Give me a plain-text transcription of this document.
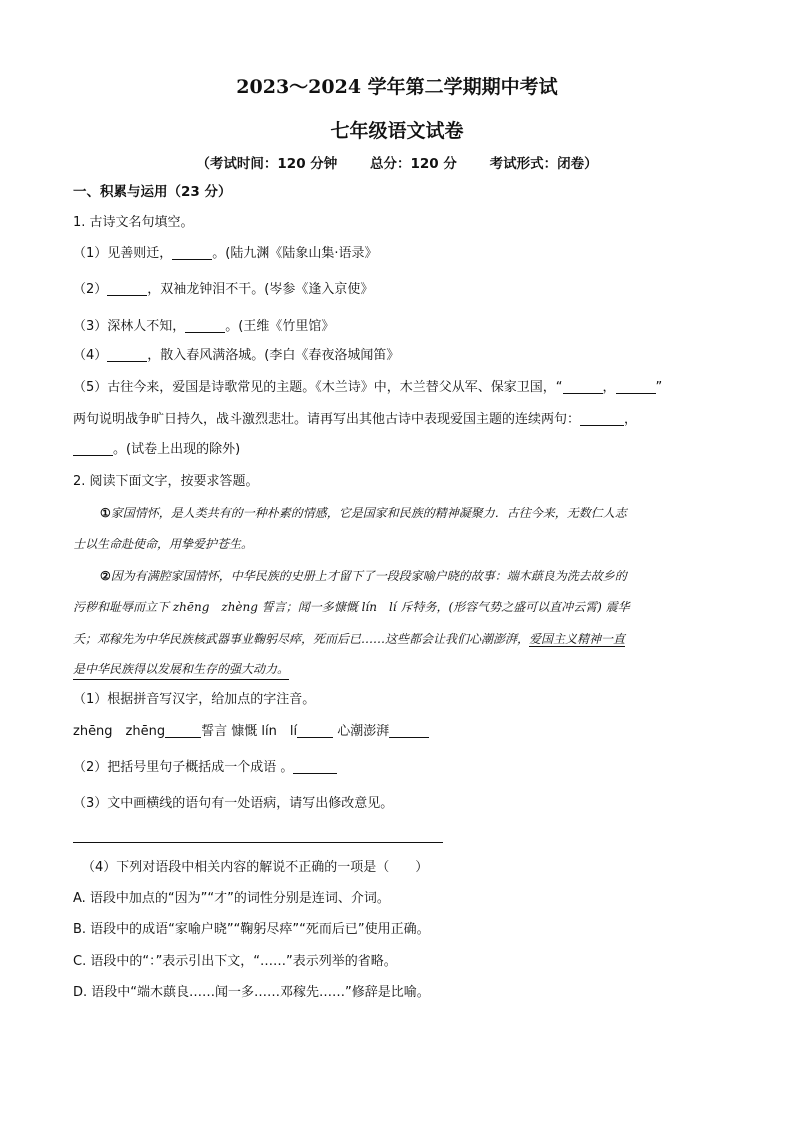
2023～2024 学年第二学期期中考试
七年级语文试卷
（考试时间：120 分钟 总分：120 分 考试形式：闭卷）
一、积累与运用（23 分）
1. 古诗文名句填空。
（1）见善则迁，	。(陆九渊《陆象山集·语录》
（2）	，双袖龙钟泪不干。(岑参《逢入京使》
（3）深林人不知，	。(王维《竹里馆》
（4）	，散入春风满洛城。(李白《春夜洛城闻笛》
（5）古往今来，爱国是诗歌常见的主题。《木兰诗》中，木兰替父从军、保家卫国，“	，	”
两句说明战争旷日持久，战斗激烈悲壮。请再写出其他古诗中表现爱国主题的连续两句：	，
。(试卷上出现的除外)
2. 阅读下面文字，按要求答题。
①家国情怀，是人类共有的一种朴素的情感，它是国家和民族的精神凝聚力．古往今来，无数仁人志
士以生命赴使命，用挚爱护苍生。
②因为有满腔家国情怀，中华民族的史册上才留下了一段段家喻户晓的故事：端木蕻良为洗去故乡的
污秽和耻辱而立下 zhēng　zhèng 誓言；闻一多慷慨 lín　lí 斥特务，(形容气势之盛可以直冲云霄) 震华
夭；邓稼先为中华民族核武器事业鞠躬尽瘁，死而后已……这些都会让我们心潮澎湃，爱国主义精神一直
是中华民族得以发展和生存的强大动力。
（1）根据拼音写汉字，给加点的字注音。
zhēng　zhēng	誓言 慷慨 lín　lí	心潮澎湃
（2）把括号里句子概括成一个成语 。
（3）文中画横线的语句有一处语病，请写出修改意见。
（4）下列对语段中相关内容的解说不正确的一项是（　　）
A. 语段中加点的“因为”“才”的词性分别是连词、介词。
B. 语段中的成语“家喻户晓”“鞠躬尽瘁”“死而后已”使用正确。
C. 语段中的“：”表示引出下文，“……”表示列举的省略。
D. 语段中“端木蕻良……闻一多……邓稼先……”修辞是比喻。
